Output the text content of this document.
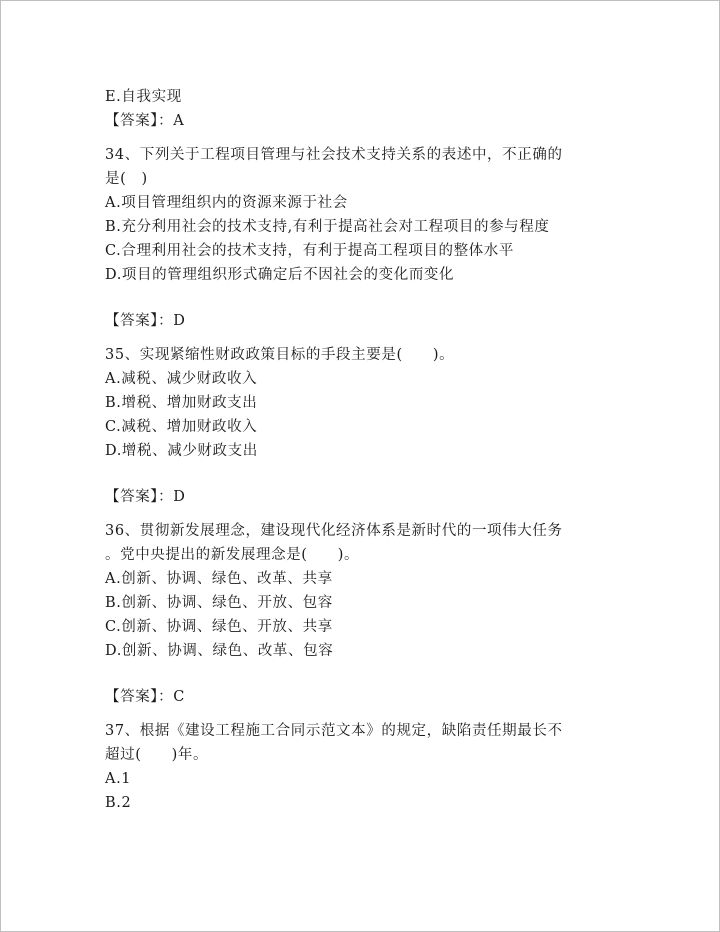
E.自我实现
【答案】：A
34、下列关于工程项目管理与社会技术支持关系的表述中，不正确的
是(　)
A.项目管理组织内的资源来源于社会
B.充分利用社会的技术支持,有利于提高社会对工程项目的参与程度
C.合理利用社会的技术支持，有利于提高工程项目的整体水平
D.项目的管理组织形式确定后不因社会的变化而变化
【答案】：D
35、实现紧缩性财政政策目标的手段主要是(　　)。
A.减税、减少财政收入
B.增税、增加财政支出
C.减税、增加财政收入
D.增税、减少财政支出
【答案】：D
36、贯彻新发展理念，建设现代化经济体系是新时代的一项伟大任务
。党中央提出的新发展理念是(　　)。
A.创新、协调、绿色、改革、共享
B.创新、协调、绿色、开放、包容
C.创新、协调、绿色、开放、共享
D.创新、协调、绿色、改革、包容
【答案】：C
37、根据《建设工程施工合同示范文本》的规定，缺陷责任期最长不
超过(　　)年。
A.1
B.2
